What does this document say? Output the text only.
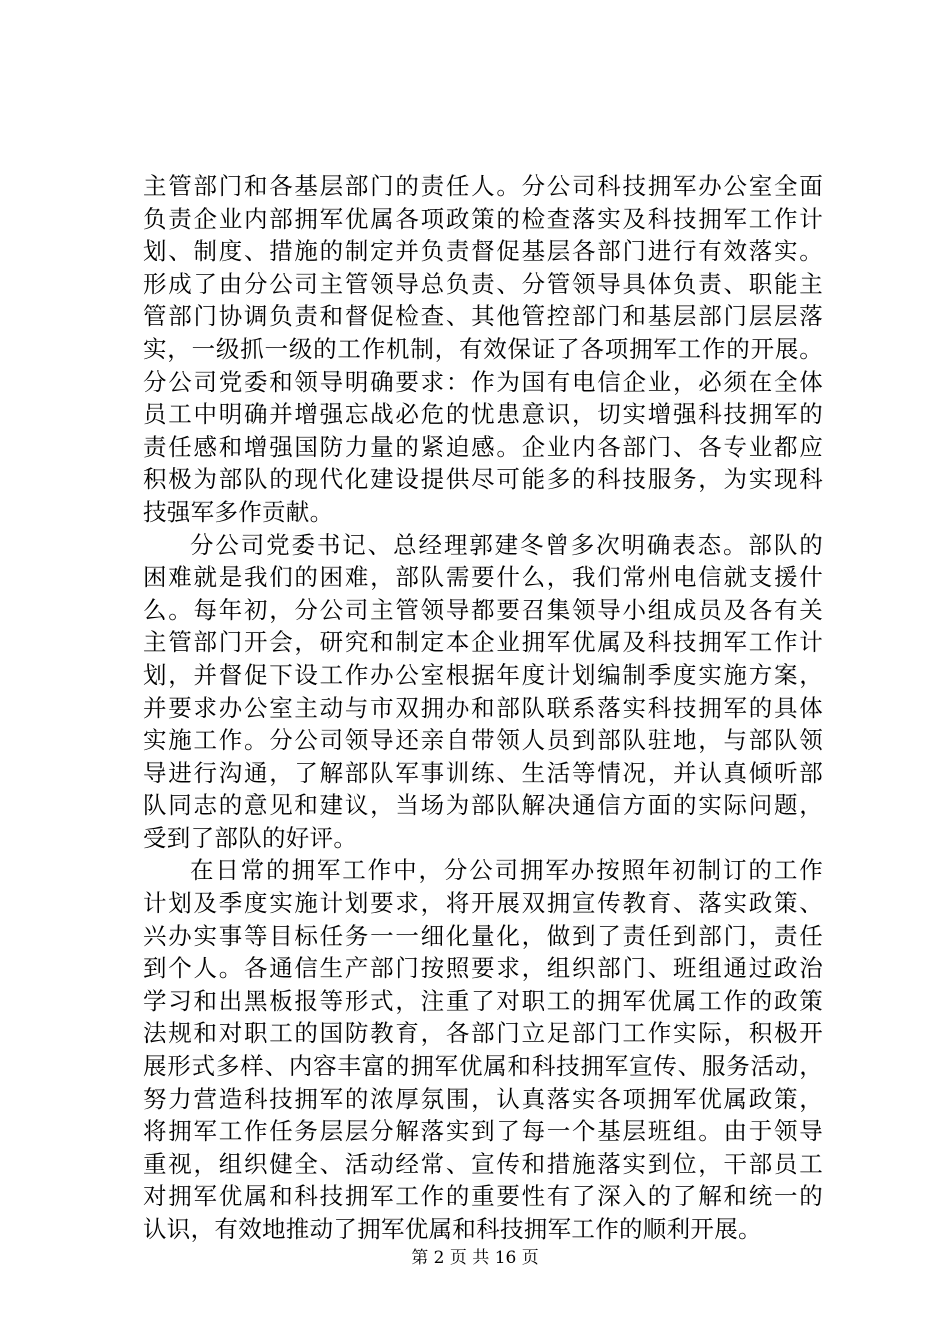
主管部门和各基层部门的责任人。分公司科技拥军办公室全面
负责企业内部拥军优属各项政策的检查落实及科技拥军工作计
划、制度、措施的制定并负责督促基层各部门进行有效落实。
形成了由分公司主管领导总负责、分管领导具体负责、职能主
管部门协调负责和督促检查、其他管控部门和基层部门层层落
实，一级抓一级的工作机制，有效保证了各项拥军工作的开展。
分公司党委和领导明确要求：作为国有电信企业，必须在全体
员工中明确并增强忘战必危的忧患意识，切实增强科技拥军的
责任感和增强国防力量的紧迫感。企业内各部门、各专业都应
积极为部队的现代化建设提供尽可能多的科技服务，为实现科
技强军多作贡献。
分公司党委书记、总经理郭建冬曾多次明确表态。部队的
困难就是我们的困难，部队需要什么，我们常州电信就支援什
么。每年初，分公司主管领导都要召集领导小组成员及各有关
主管部门开会，研究和制定本企业拥军优属及科技拥军工作计
划，并督促下设工作办公室根据年度计划编制季度实施方案，
并要求办公室主动与市双拥办和部队联系落实科技拥军的具体
实施工作。分公司领导还亲自带领人员到部队驻地，与部队领
导进行沟通，了解部队军事训练、生活等情况，并认真倾听部
队同志的意见和建议，当场为部队解决通信方面的实际问题，
受到了部队的好评。
在日常的拥军工作中，分公司拥军办按照年初制订的工作
计划及季度实施计划要求，将开展双拥宣传教育、落实政策、
兴办实事等目标任务一一细化量化，做到了责任到部门，责任
到个人。各通信生产部门按照要求，组织部门、班组通过政治
学习和出黑板报等形式，注重了对职工的拥军优属工作的政策
法规和对职工的国防教育，各部门立足部门工作实际，积极开
展形式多样、内容丰富的拥军优属和科技拥军宣传、服务活动，
努力营造科技拥军的浓厚氛围，认真落实各项拥军优属政策，
将拥军工作任务层层分解落实到了每一个基层班组。由于领导
重视，组织健全、活动经常、宣传和措施落实到位，干部员工
对拥军优属和科技拥军工作的重要性有了深入的了解和统一的
认识，有效地推动了拥军优属和科技拥军工作的顺利开展。
第 2 页 共 16 页
